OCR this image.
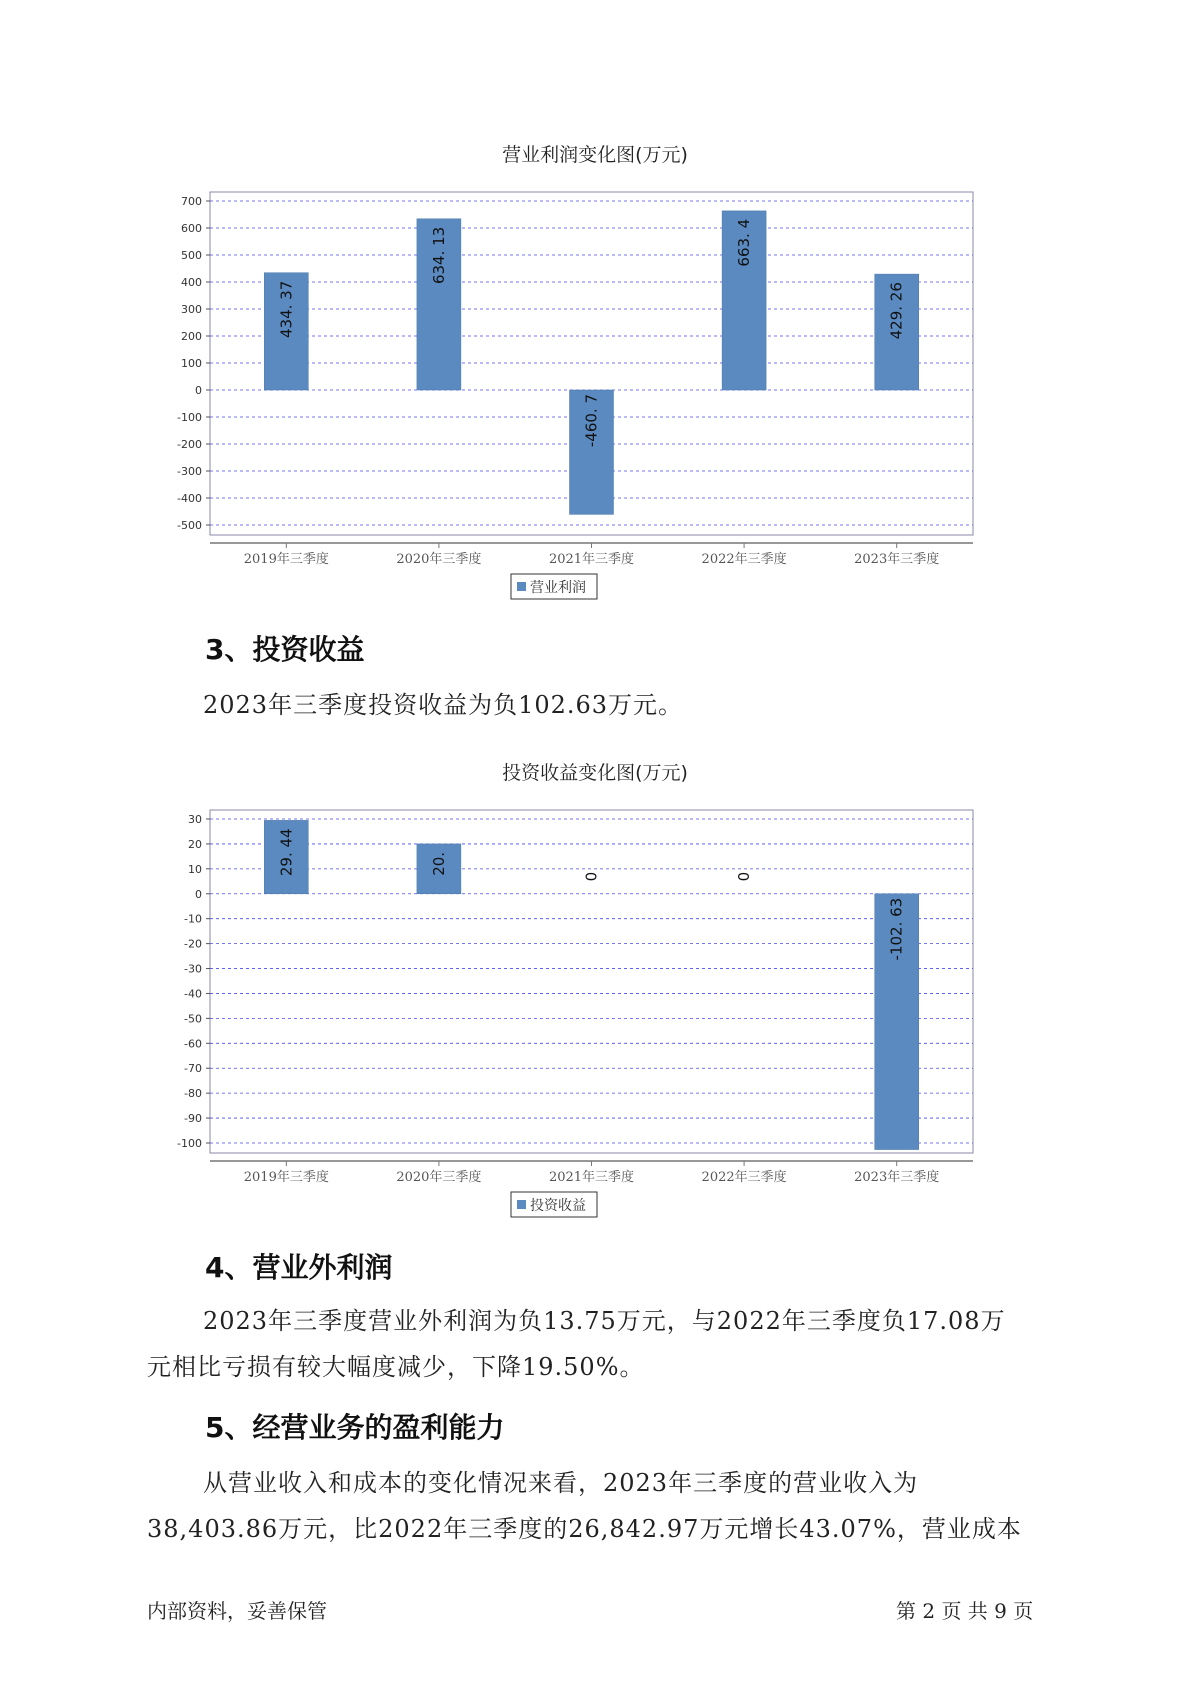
营业利润变化图(万元)
700
600
500
400
300
200
100
0
-100
-200
-300
-400
-500
434. 37
2019年三季度
634. 13
2020年三季度
-460. 7
2021年三季度
663. 4
2022年三季度
429. 26
2023年三季度
营业利润
3、投资收益
2023年三季度投资收益为负102.63万元。
投资收益变化图(万元)
30
20
10
0
-10
-20
-30
-40
-50
-60
-70
-80
-90
-100
29. 44
2019年三季度
20.
2020年三季度
0
2021年三季度
0
2022年三季度
-102. 63
2023年三季度
投资收益
4、营业外利润
2023年三季度营业外利润为负13.75万元，与2022年三季度负17.08万
元相比亏损有较大幅度减少，下降19.50%。
5、经营业务的盈利能力
从营业收入和成本的变化情况来看，2023年三季度的营业收入为
38,403.86万元，比2022年三季度的26,842.97万元增长43.07%，营业成本
内部资料，妥善保管	第 2 页 共 9 页
